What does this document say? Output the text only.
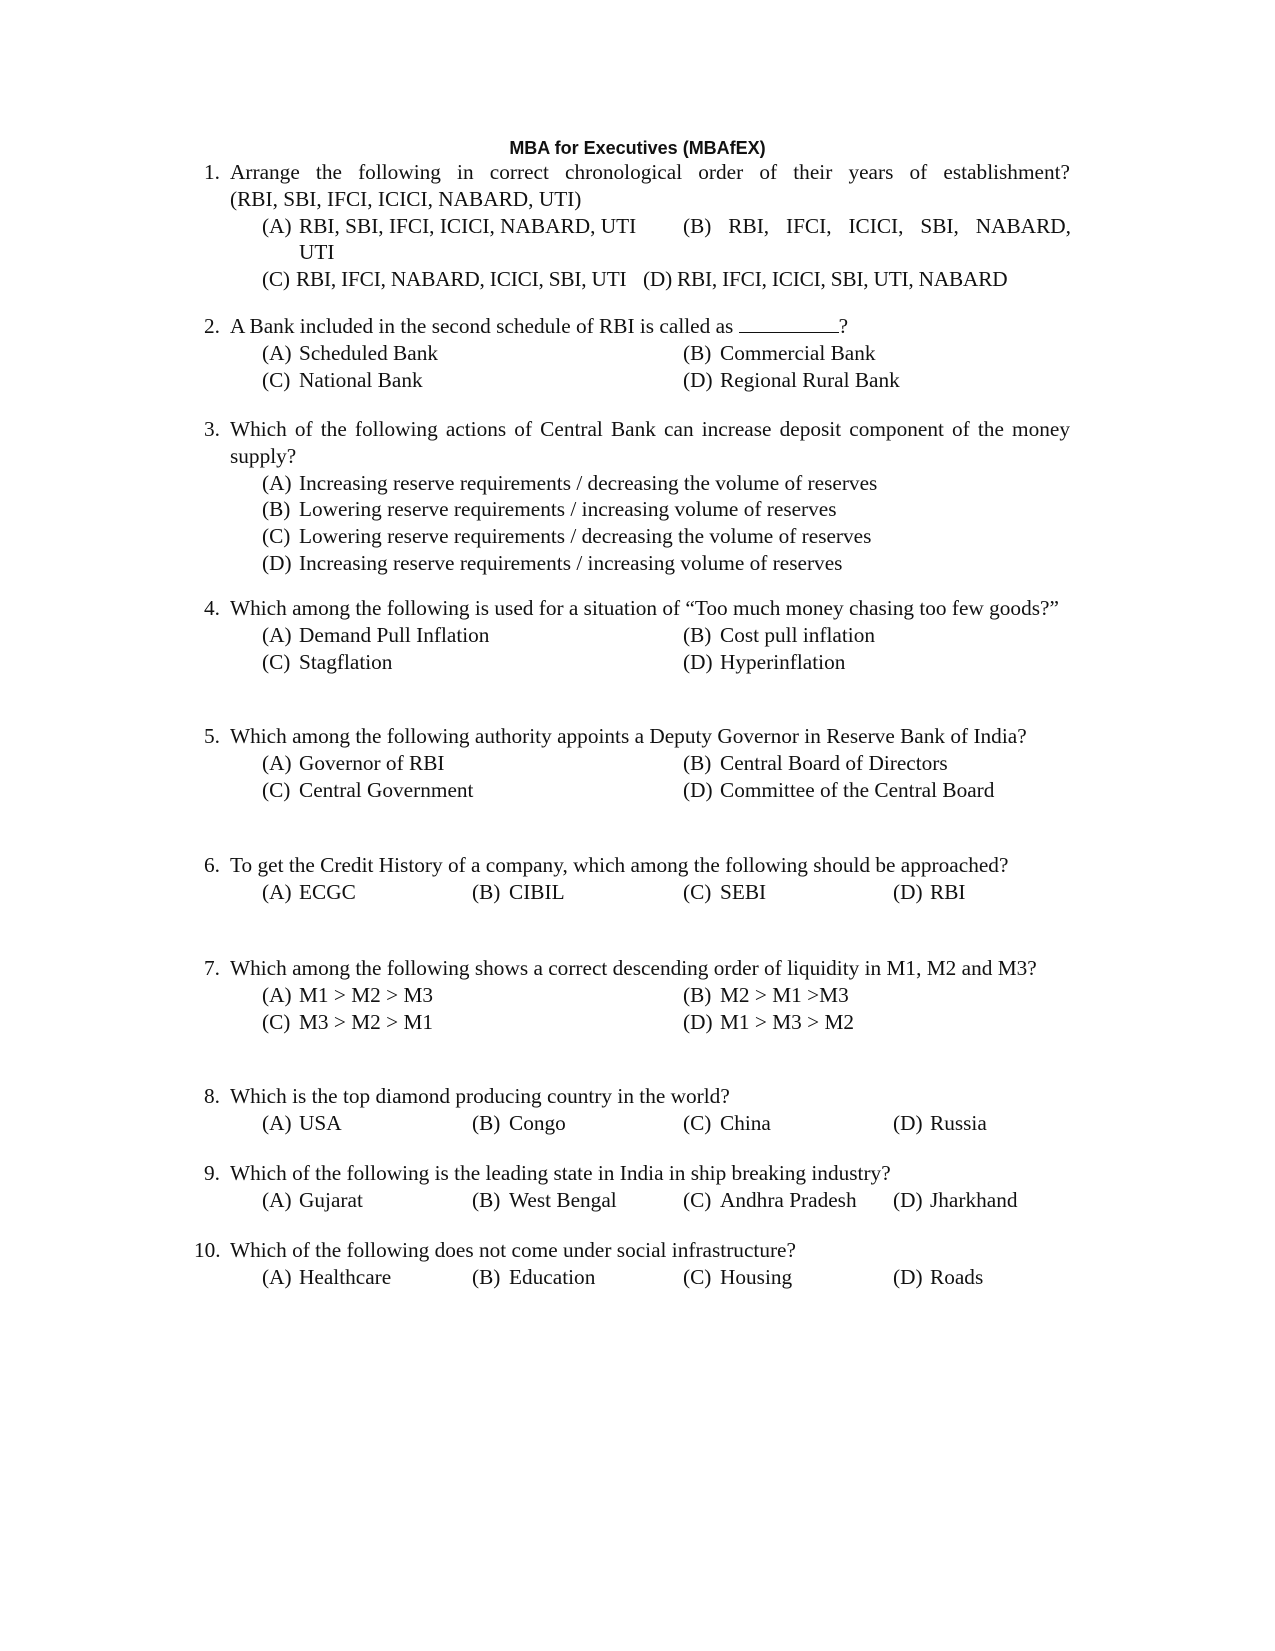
MBA for Executives (MBAfEX)
1. Arrange the following in correct chronological order of their years of establishment?
(RBI, SBI, IFCI, ICICI, NABARD, UTI)
(A) RBI, SBI, IFCI, ICICI, NABARD, UTI (B) RBI, IFCI, ICICI, SBI, NABARD,
UTI
(C) RBI, IFCI, NABARD, ICICI, SBI, UTI (D) RBI, IFCI, ICICI, SBI, UTI, NABARD
2. A Bank included in the second schedule of RBI is called as	?
(A) Scheduled Bank	(B) Commercial Bank
(C) National Bank	(D) Regional Rural Bank
3. Which of the following actions of Central Bank can increase deposit component of the money supply?
(A) Increasing reserve requirements / decreasing the volume of reserves
(B) Lowering reserve requirements / increasing volume of reserves
(C) Lowering reserve requirements / decreasing the volume of reserves
(D) Increasing reserve requirements / increasing volume of reserves
4. Which among the following is used for a situation of “Too much money chasing too few goods?”
(A) Demand Pull Inflation	(B) Cost pull inflation
(C) Stagflation	(D) Hyperinflation
5. Which among the following authority appoints a Deputy Governor in Reserve Bank of India?
(A) Governor of RBI	(B) Central Board of Directors
(C) Central Government	(D) Committee of the Central Board
6. To get the Credit History of a company, which among the following should be approached?
(A) ECGC	(B) CIBIL	(C) SEBI	(D) RBI
7. Which among the following shows a correct descending order of liquidity in M1, M2 and M3?
(A) M1 > M2 > M3	(B) M2 > M1 >M3
(C) M3 > M2 > M1	(D) M1 > M3 > M2
8. Which is the top diamond producing country in the world?
(A) USA	(B) Congo	(C) China	(D) Russia
9. Which of the following is the leading state in India in ship breaking industry?
(A) Gujarat	(B) West Bengal	(C) Andhra Pradesh (D) Jharkhand
10. Which of the following does not come under social infrastructure?
(A) Healthcare	(B) Education	(C) Housing	(D) Roads
